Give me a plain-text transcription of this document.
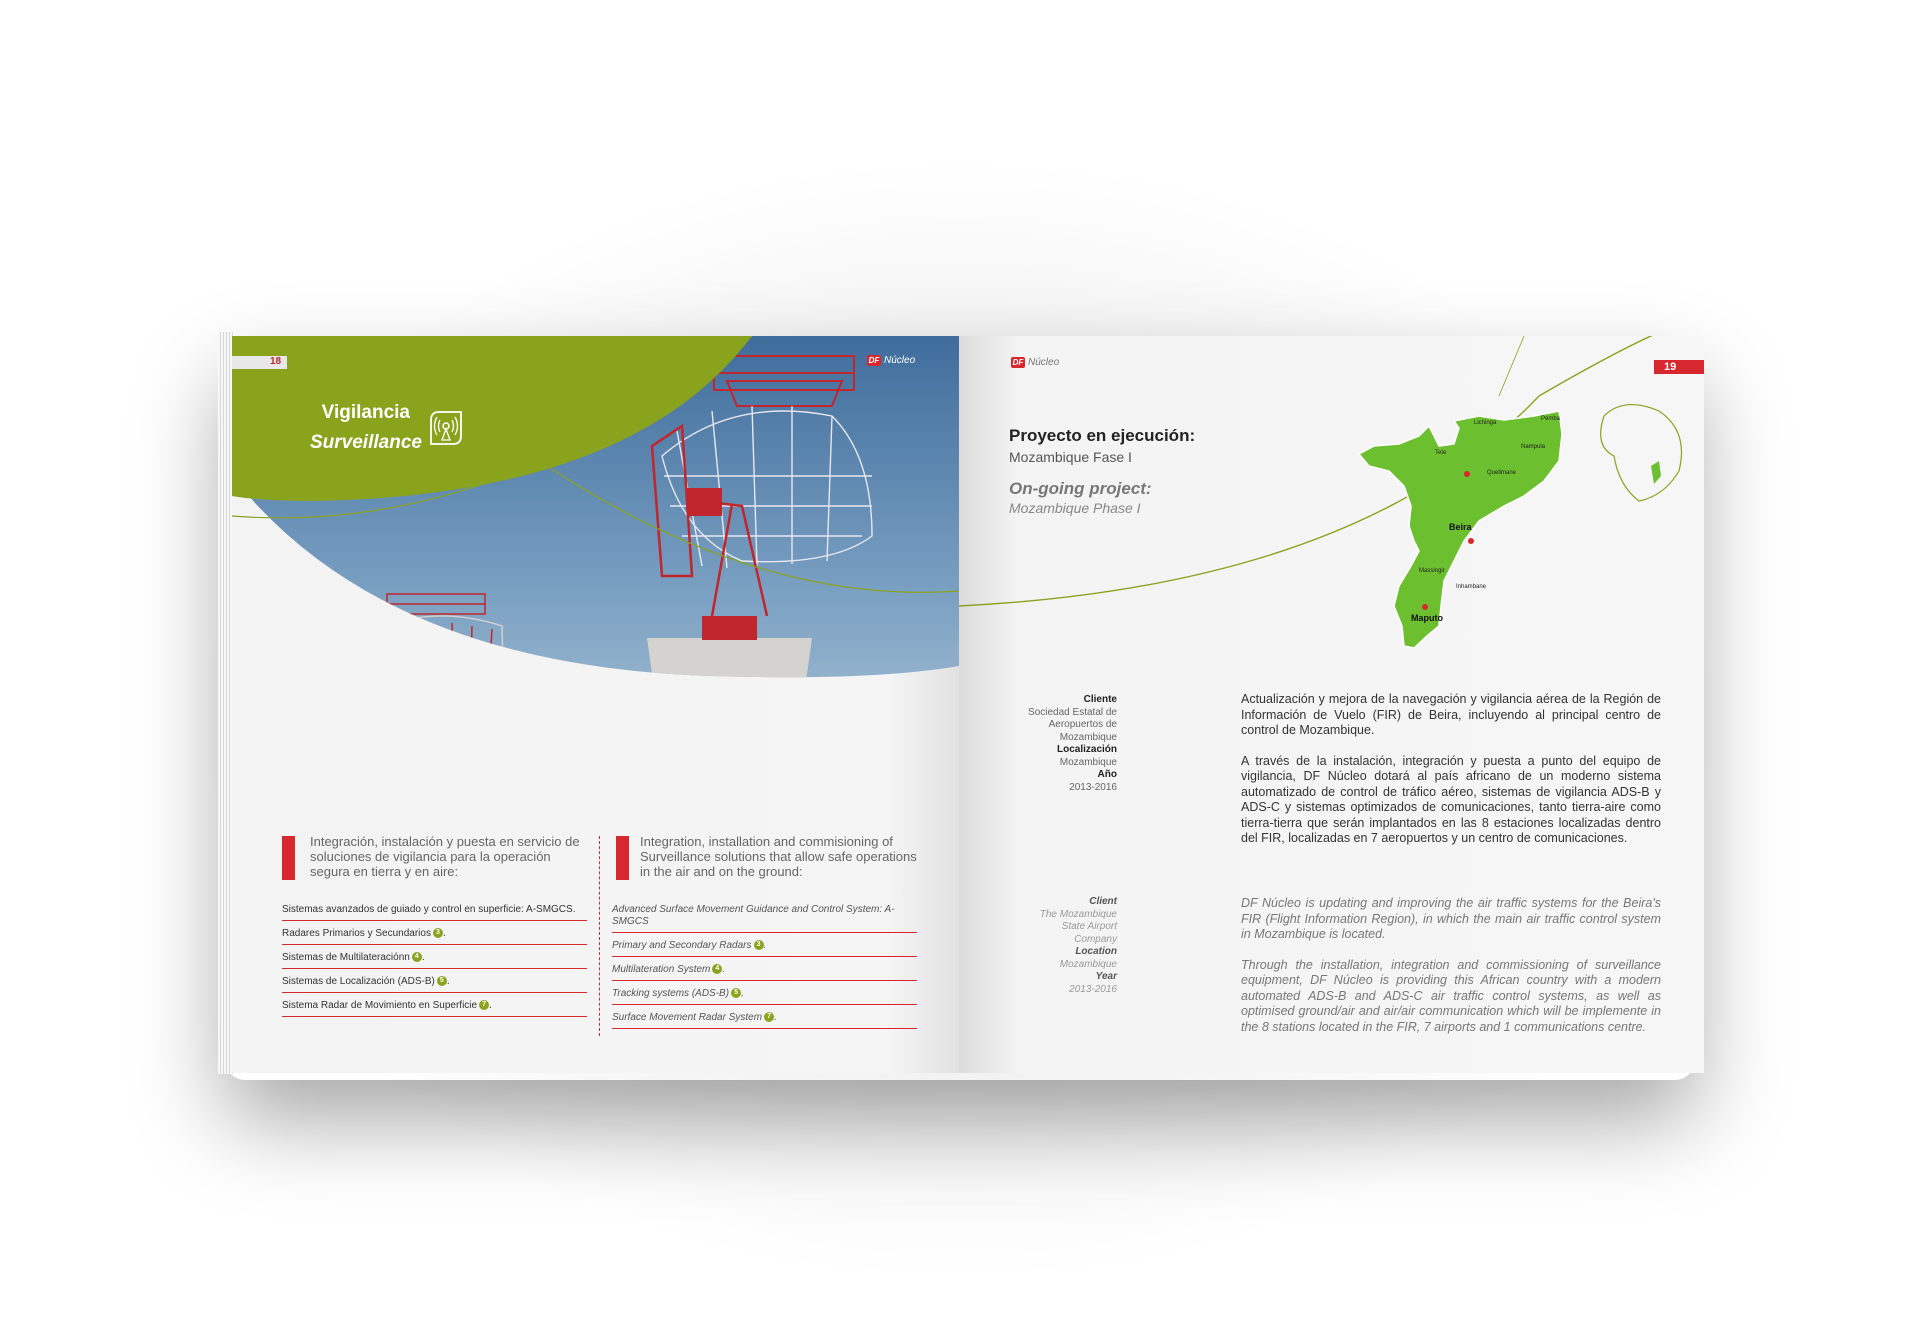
18	DF Núcleo
Vigilancia
Surveillance
Integración, instalación y puesta en servicio de soluciones de vigilancia para la operación segura en tierra y en aire:
Integration, installation and commisioning of Surveillance solutions that allow safe operations in the air and on the ground:
Sistemas avanzados de guiado y control en superficie: A-SMGCS.
Radares Primarios y Secundarios 3 .
Sistemas de Multilateraciónn 4 .
Sistemas de Localización (ADS-B) 5 .
Sistema Radar de Movimiento en Superficie 7 .
Advanced Surface Movement Guidance and Control System: A-SMGCS
Primary and Secondary Radars 3 .
Multilateration System 4 .
Tracking systems (ADS-B) 5 .
Surface Movement Radar System 7 .
Lichinga
Pemba
Nampula
Tete
Quelimane
Beira
Massingir
Inhambane
Maputo
DF Núcleo	19
Proyecto en ejecución:
Mozambique Fase I
On-going project:
Mozambique Phase I
Cliente
Sociedad Estatal de Aeropuertos de Mozambique
Localización
Mozambique
Año
2013-2016
Client
The Mozambique State Airport Company
Location
Mozambique
Year
2013-2016

Actualización y mejora de la navegación y vigilancia aérea de la Región de Información de Vuelo (FIR) de Beira, incluyendo al principal centro de control de Mozambique.

A través de la instalación, integración y puesta a punto del equipo de vigilancia, DF Núcleo dotará al país africano de un moderno sistema automatizado de control de tráfico aéreo, sistemas de vigilancia ADS-B y ADS-C y sistemas optimizados de comunicaciones, tanto tierra-aire como tierra-tierra que serán implantados en las 8 estaciones localizadas dentro del FIR, localizadas en 7 aeropuertos y un centro de comunicaciones.

DF Núcleo is updating and improving the air traffic systems for the Beira's FIR (Flight Information Region), in which the main air traffic control system in Mozambique is located.

Through the installation, integration and commissioning of surveillance equipment, DF Núcleo is providing this African country with a modern automated ADS-B and ADS-C air traffic control systems, as well as optimised ground/air and air/air communication which will be implemente in the 8 stations located in the FIR, 7 airports and 1 communications centre.
